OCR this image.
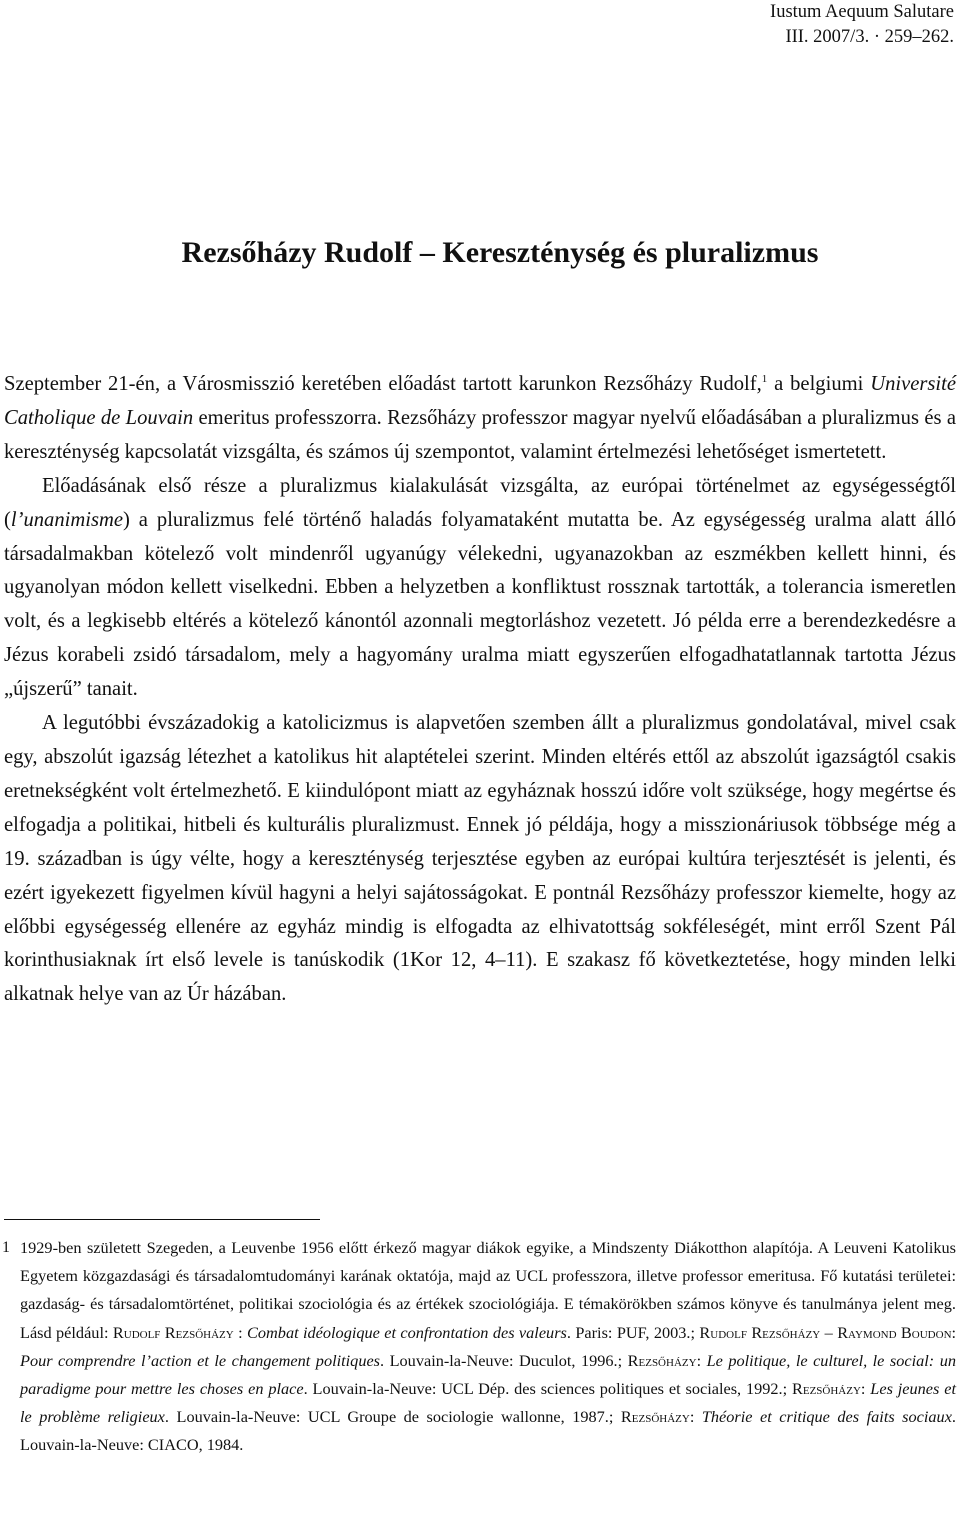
Iustum Aequum Salutare
III. 2007/3. · 259–262.
Rezsőházy Rudolf – Kereszténység és pluralizmus

Szeptember 21-én, a Városmisszió keretében előadást tartott karunkon Rezsőházy Rudolf,$^1$ a belgiumi Université Catholique de Louvain emeritus professzorra. Rezsőházy professzor magyar nyelvű előadásában a pluralizmus és a kereszténység kapcsolatát vizsgálta, és számos új szempontot, valamint értelmezési lehetőséget ismertetett.

Előadásának első része a pluralizmus kialakulását vizsgálta, az európai történelmet az egységességtől (l’unanimisme) a pluralizmus felé történő haladás folyamataként mutatta be. Az egységesség uralma alatt álló társadalmakban kötelező volt mindenről ugyanúgy vélekedni, ugyanazokban az eszmékben kellett hinni, és ugyanolyan módon kellett viselkedni. Ebben a helyzetben a konfliktust rossznak tartották, a tolerancia ismeretlen volt, és a legkisebb eltérés a kötelező kánontól azonnali megtorláshoz vezetett. Jó példa erre a berendezkedésre a Jézus korabeli zsidó társadalom, mely a hagyomány uralma miatt egyszerűen elfogadhatatlannak tartotta Jézus „újszerű” tanait.

A legutóbbi évszázadokig a katolicizmus is alapvetően szemben állt a pluralizmus gondolatával, mivel csak egy, abszolút igazság létezhet a katolikus hit alaptételei szerint. Minden eltérés ettől az abszolút igazságtól csakis eretnekségként volt értelmezhető. E kiindulópont miatt az egyháznak hosszú időre volt szüksége, hogy megértse és elfogadja a politikai, hitbeli és kulturális pluralizmust. Ennek jó példája, hogy a misszionáriusok többsége még a 19. században is úgy vélte, hogy a kereszténység terjesztése egyben az európai kultúra terjesztését is jelenti, és ezért igyekezett figyelmen kívül hagyni a helyi sajátosságokat. E pontnál Rezsőházy professzor kiemelte, hogy az előbbi egységesség ellenére az egyház mindig is elfogadta az elhivatottság sokféleségét, mint erről Szent Pál korinthusiaknak írt első levele is tanúskodik (1Kor 12, 4–11). E szakasz fő következtetése, hogy minden lelki alkatnak helye van az Úr házában.

1 1929-ben született Szegeden, a Leuvenbe 1956 előtt érkező magyar diákok egyike, a Mindszenty Diákotthon alapítója. A Leuveni Katolikus Egyetem közgazdasági és társadalomtudományi karának oktatója, majd az UCL professzora, illetve professor emeritusa. Fő kutatási területei: gazdaság- és társadalomtörténet, politikai szociológia és az értékek szociológiája. E témakörökben számos könyve és tanulmánya jelent meg. Lásd például: Rudolf Rezsőházy : Combat idéologique et confrontation des valeurs. Paris: PUF, 2003.; Rudolf Rezsőházy – Raymond Boudon: Pour comprendre l’action et le changement politiques. Louvain-la-Neuve: Duculot, 1996.; Rezsőházy: Le politique, le culturel, le social: un paradigme pour mettre les choses en place. Louvain-la-Neuve: UCL Dép. des sciences politiques et sociales, 1992.; Rezsőházy: Les jeunes et le problème religieux. Louvain-la-Neuve: UCL Groupe de sociologie wallonne, 1987.; Rezsőházy: Théorie et critique des faits sociaux. Louvain-la-Neuve: CIACO, 1984.
